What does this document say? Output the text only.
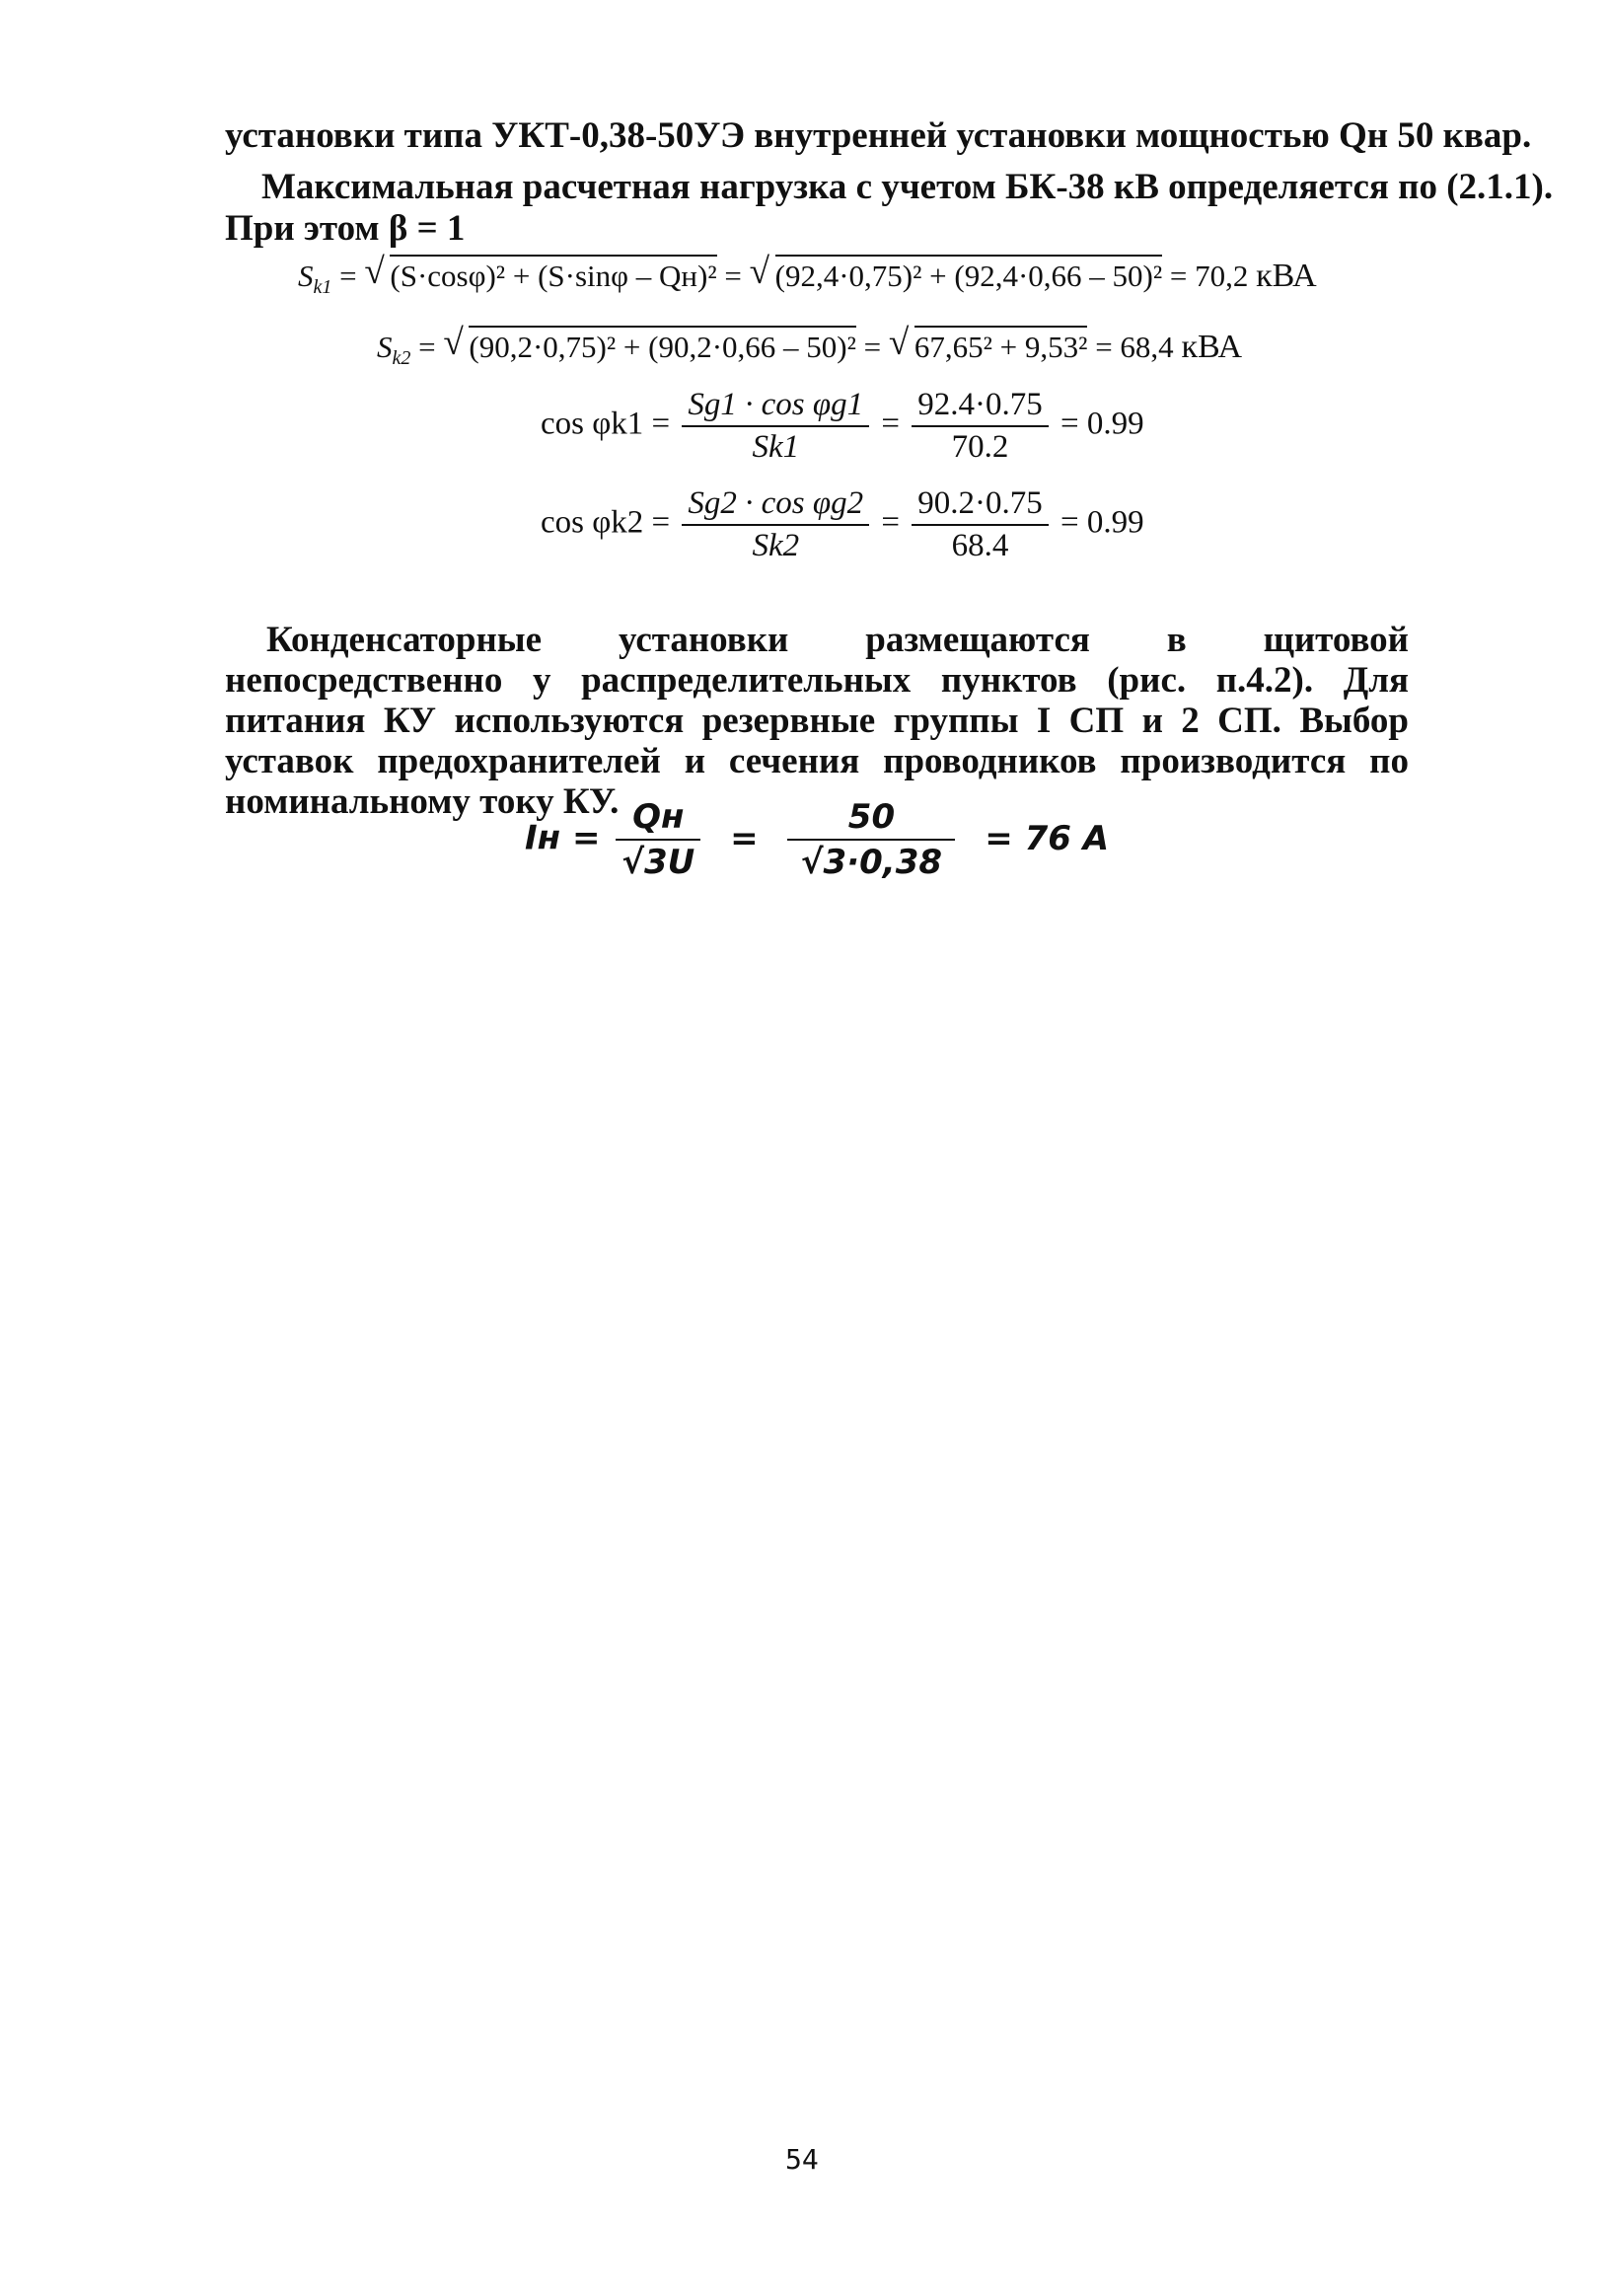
установки типа УКТ-0,38-50УЭ внутренней установки мощностью Qн 50 квар.
Максимальная расчетная нагрузка с учетом БК-38 кВ определяется по (2.1.1).
При этом β = 1
$S_{k1}$ = √ (S·cosφ)² + (S·sinφ – Qн)² = √ (92,4·0,75)² + (92,4·0,66 – 50)² = 70,2 кВА
$S_{k2}$ = √ (90,2·0,75)² + (90,2·0,66 – 50)² = √ 67,65² + 9,53² = 68,4 кВА
$\cos \varphi k1 = \frac{\text{Sg1 · cos φg1}}{Sk1} = \frac{92.4\cdot 0.75}{70.2} = 0.99$
$\cos \varphi k2 = \frac{\text{Sg2 · cos φg2}}{Sk2} = \frac{90.2\cdot 0.75}{68.4} = 0.99$
Конденсаторные установки размещаются в щитовой непосредственно у распределительных пунктов (рис. п.4.2). Для питания КУ используются резервные группы I СП и 2 СП. Выбор уставок предохранителей и сечения проводников производится по номинальному току КУ.
Iн = $\frac{Qн}{√3U} = \frac{50}{√3\cdot 0,38} = 76$ A
54
